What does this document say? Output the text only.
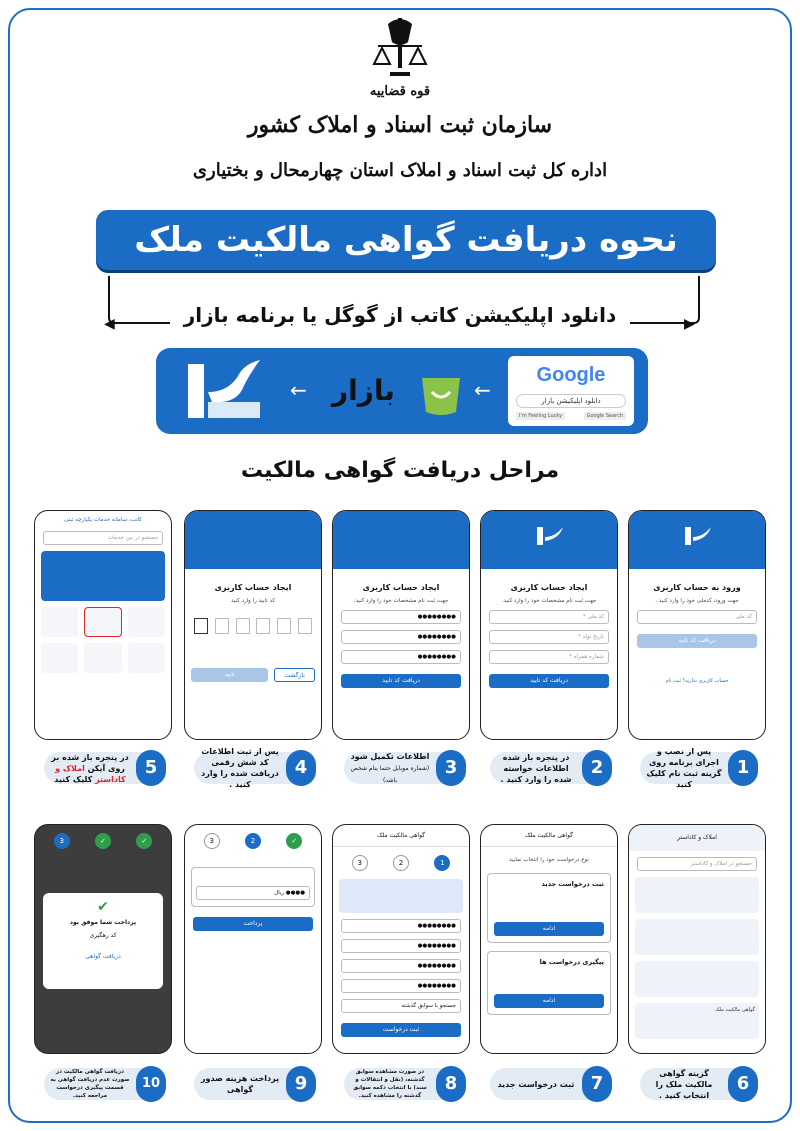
قوه قضاییه
سازمان ثبت اسناد و املاک کشور
اداره کل ثبت اسناد و املاک استان چهارمحال و بختیاری
نحوه دریافت گواهی مالکیت ملک
دانلود اپلیکیشن کاتب از گوگل یا برنامه بازار
◀	▶
Google
دانلود اپلیکیشن بازار
Google Search
I'm Feeling Lucky
←
بازار
←
مراحل دریافت گواهی مالکیت
ورود به حساب کاربری
جهت ورود، کدملی خود را وارد کنید .
کد ملی
دریافت کد تایید
حساب کاربری ندارید؟ ثبت نام
ایجاد حساب کاربری
جهت ثبت نام مشخصات خود را وارد کنید.
کد ملی *
تاریخ تولد *
شماره همراه *
دریافت کد تایید
ایجاد حساب کاربری
جهت ثبت نام مشخصات خود را وارد کنید.
●●●●●●●●
●●●●●●●●
●●●●●●●●
دریافت کد تایید
ایجاد حساب کاربری
کد تایید را وارد کنید
بازگشت
تایید
کاتب، سامانه خدمات یکپارچه ثبتی
جستجو در بین خدمات
1
پس از نصب و اجرای برنامه روی گزینه ثبت نام کلیک کنید
2
در پنجره باز شده اطلاعات خواسته شده را وارد کنید .
3
اطلاعات تکمیل شود
(شماره موبایل حتما بنام شخص باشد)
4
پس از ثبت اطلاعات کد شش رقمی دریافت شده را وارد کنید .
5
در پنجره باز شده بر روی آیکن املاک و کاداستر کلیک کنید
املاک و کاداستر
جستجو در املاک و کاداستر
گواهی مالکیت ملک
گواهی مالکیت ملک
نوع درخواست خود را انتخاب نمایید
ثبت درخواست جدید
ادامه
پیگیری درخواست ها
ادامه
گواهی مالکیت ملک
1
2
3
●●●●●●●●
●●●●●●●●
●●●●●●●●
●●●●●●●●
جستجو با سوابق گذشته
ثبت درخواست
✓
2
3
●●●● ریال
پرداخت
✓
✓
3
✔
پرداخت شما موفق بود
کد رهگیری
دریافت گواهی
6
گزینه گواهی مالکیت ملک را انتخاب کنید .
7
ثبت درخواست جدید
8
در صورت مشاهده سوابق گذشته، (نقل و انتقالات و سند) با انتخاب دکمه سوابق گذشته را مشاهده کنید.
9
پرداخت هزینه صدور گواهی
10
دریافت گواهی مالکیت در صورت عدم دریافت گواهی به قسمت پیگیری درخواست مراجعه کنید.
